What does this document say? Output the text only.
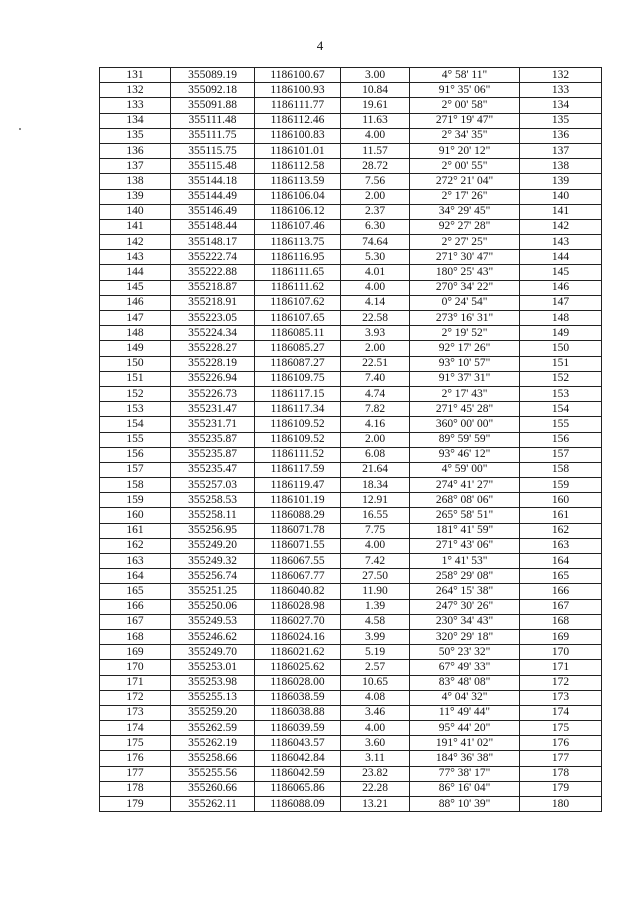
4
131	355089.19	1186100.67	3.00	4° 58' 11"	132
132	355092.18	1186100.93	10.84	91° 35' 06"	133
133	355091.88	1186111.77	19.61	2° 00' 58"	134
134	355111.48	1186112.46	11.63	271° 19' 47"	135
135	355111.75	1186100.83	4.00	2° 34' 35"	136
136	355115.75	1186101.01	11.57	91° 20' 12"	137
137	355115.48	1186112.58	28.72	2° 00' 55"	138
138	355144.18	1186113.59	7.56	272° 21' 04"	139
139	355144.49	1186106.04	2.00	2° 17' 26"	140
140	355146.49	1186106.12	2.37	34° 29' 45"	141
141	355148.44	1186107.46	6.30	92° 27' 28"	142
142	355148.17	1186113.75	74.64	2° 27' 25"	143
143	355222.74	1186116.95	5.30	271° 30' 47"	144
144	355222.88	1186111.65	4.01	180° 25' 43"	145
145	355218.87	1186111.62	4.00	270° 34' 22"	146
146	355218.91	1186107.62	4.14	0° 24' 54"	147
147	355223.05	1186107.65	22.58	273° 16' 31"	148
148	355224.34	1186085.11	3.93	2° 19' 52"	149
149	355228.27	1186085.27	2.00	92° 17' 26"	150
150	355228.19	1186087.27	22.51	93° 10' 57"	151
151	355226.94	1186109.75	7.40	91° 37' 31"	152
152	355226.73	1186117.15	4.74	2° 17' 43"	153
153	355231.47	1186117.34	7.82	271° 45' 28"	154
154	355231.71	1186109.52	4.16	360° 00' 00"	155
155	355235.87	1186109.52	2.00	89° 59' 59"	156
156	355235.87	1186111.52	6.08	93° 46' 12"	157
157	355235.47	1186117.59	21.64	4° 59' 00"	158
158	355257.03	1186119.47	18.34	274° 41' 27"	159
159	355258.53	1186101.19	12.91	268° 08' 06"	160
160	355258.11	1186088.29	16.55	265° 58' 51"	161
161	355256.95	1186071.78	7.75	181° 41' 59"	162
162	355249.20	1186071.55	4.00	271° 43' 06"	163
163	355249.32	1186067.55	7.42	1° 41' 53"	164
164	355256.74	1186067.77	27.50	258° 29' 08"	165
165	355251.25	1186040.82	11.90	264° 15' 38"	166
166	355250.06	1186028.98	1.39	247° 30' 26"	167
167	355249.53	1186027.70	4.58	230° 34' 43"	168
168	355246.62	1186024.16	3.99	320° 29' 18"	169
169	355249.70	1186021.62	5.19	50° 23' 32"	170
170	355253.01	1186025.62	2.57	67° 49' 33"	171
171	355253.98	1186028.00	10.65	83° 48' 08"	172
172	355255.13	1186038.59	4.08	4° 04' 32"	173
173	355259.20	1186038.88	3.46	11° 49' 44"	174
174	355262.59	1186039.59	4.00	95° 44' 20"	175
175	355262.19	1186043.57	3.60	191° 41' 02"	176
176	355258.66	1186042.84	3.11	184° 36' 38"	177
177	355255.56	1186042.59	23.82	77° 38' 17"	178
178	355260.66	1186065.86	22.28	86° 16' 04"	179
179	355262.11	1186088.09	13.21	88° 10' 39"	180
